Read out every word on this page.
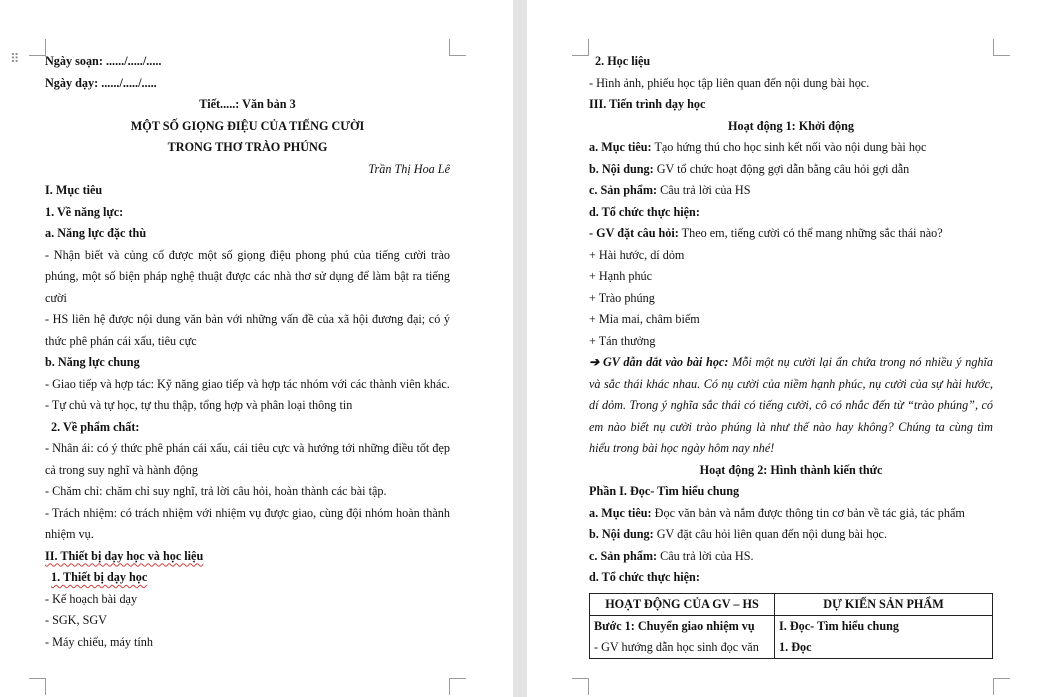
Ngày soạn: ....../...../.....
Ngày dạy: ....../...../.....
Tiết.....: Văn bản 3
MỘT SỐ GIỌNG ĐIỆU CỦA TIẾNG CƯỜI
TRONG THƠ TRÀO PHÚNG
Trần Thị Hoa Lê
I. Mục tiêu
1. Về năng lực:
a. Năng lực đặc thù
- Nhận biết và củng cố được một số giọng điệu phong phú của tiếng cười trào phúng, một số biện pháp nghệ thuật được các nhà thơ sử dụng để làm bật ra tiếng cười
- HS liên hệ được nội dung văn bản với những vấn đề của xã hội đương đại; có ý thức phê phán cái xấu, tiêu cực
b. Năng lực chung
- Giao tiếp và hợp tác: Kỹ năng giao tiếp và hợp tác nhóm với các thành viên khác.
- Tự chủ và tự học, tự thu thập, tổng hợp và phân loại thông tin
2. Về phẩm chất:
- Nhân ái: có ý thức phê phán cái xấu, cái tiêu cực và hướng tới những điều tốt đẹp cả trong suy nghĩ và hành động
- Chăm chỉ: chăm chỉ suy nghĩ, trả lời câu hỏi, hoàn thành các bài tập.
- Trách nhiệm: có trách nhiệm với nhiệm vụ được giao, cùng đội nhóm hoàn thành nhiệm vụ.
II. Thiết bị dạy học và học liệu
1. Thiết bị dạy học
- Kế hoạch bài dạy
- SGK, SGV
- Máy chiếu, máy tính
⠿	2. Học liệu
- Hình ảnh, phiếu học tập liên quan đến nội dung bài học.
III. Tiến trình dạy học
Hoạt động 1: Khởi động
a. Mục tiêu: Tạo hứng thú cho học sinh kết nối vào nội dung bài học
b. Nội dung: GV tổ chức hoạt động gợi dẫn bằng câu hỏi gợi dẫn
c. Sản phẩm: Câu trả lời của HS
d. Tổ chức thực hiện:
- GV đặt câu hỏi: Theo em, tiếng cười có thể mang những sắc thái nào?
+ Hài hước, dí dỏm
+ Hạnh phúc
+ Trào phúng
+ Mỉa mai, châm biếm
+ Tán thưởng
➔ GV dẫn dắt vào bài học: Mỗi một nụ cười lại ẩn chứa trong nó nhiều ý nghĩa và sắc thái khác nhau. Có nụ cười của niềm hạnh phúc, nụ cười của sự hài hước, dí dỏm. Trong ý nghĩa sắc thái có tiếng cười, cô có nhắc đến từ “trào phúng”, có em nào biết nụ cười trào phúng là như thế nào hay không? Chúng ta cùng tìm hiểu trong bài học ngày hôm nay nhé!
Hoạt động 2: Hình thành kiến thức
Phần I. Đọc- Tìm hiểu chung
a. Mục tiêu: Đọc văn bản và nắm được thông tin cơ bản về tác giả, tác phẩm
b. Nội dung: GV đặt câu hỏi liên quan đến nội dung bài học.
c. Sản phẩm: Câu trả lời của HS.
d. Tổ chức thực hiện:
HOẠT ĐỘNG CỦA GV – HS	DỰ KIẾN SẢN PHẨM
Bước 1: Chuyển giao nhiệm vụ	I. Đọc- Tìm hiểu chung
- GV hướng dẫn học sinh đọc văn	1. Đọc
